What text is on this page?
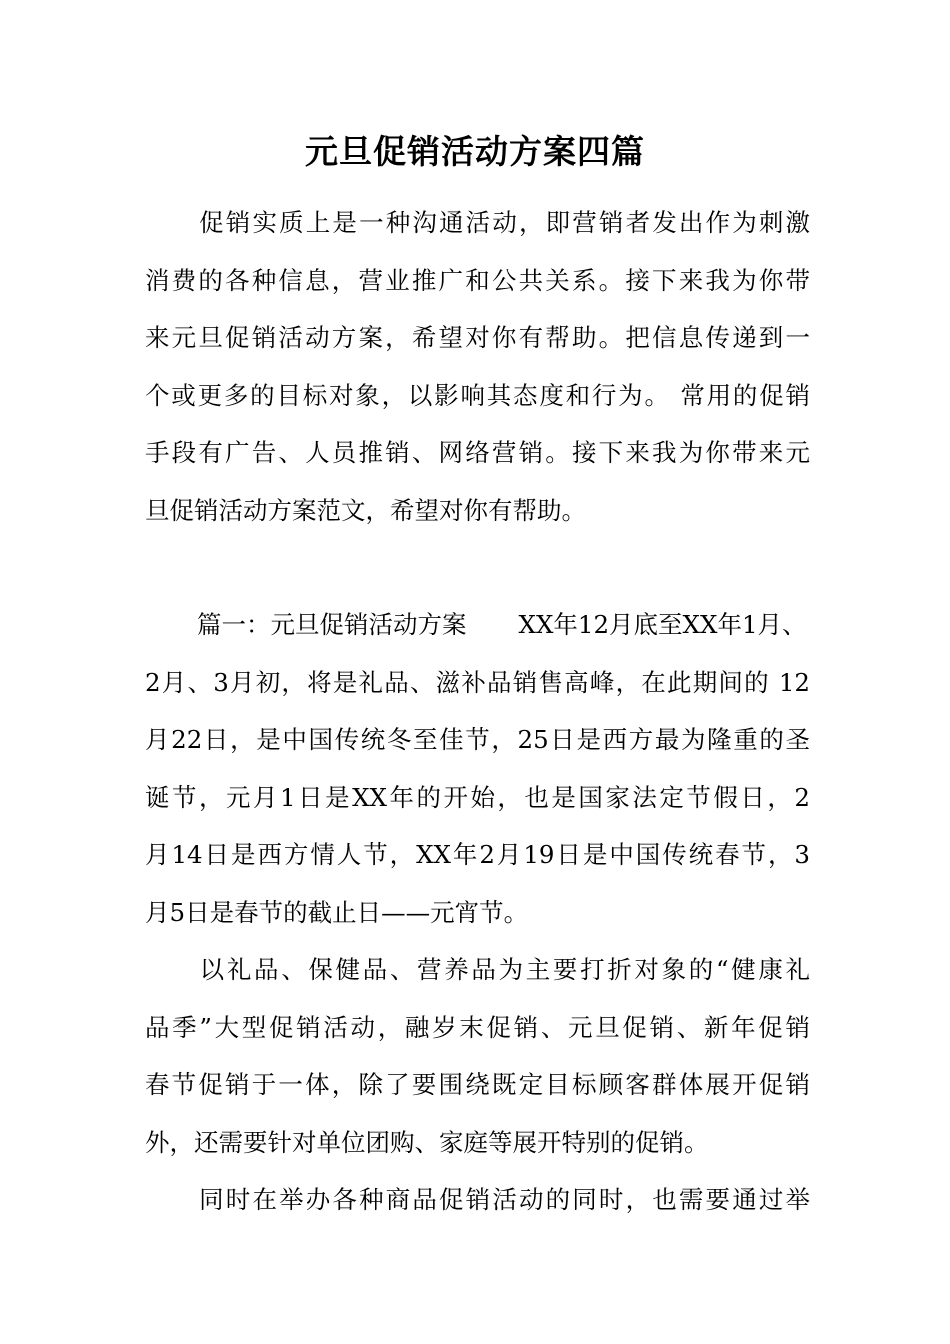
元旦促销活动方案四篇
促销实质上是一种沟通活动，即营销者发出作为刺激
消费的各种信息，营业推广和公共关系。接下来我为你带
来元旦促销活动方案，希望对你有帮助。把信息传递到一
个或更多的目标对象，以影响其态度和行为。 常用的促销
手段有广告、人员推销、网络营销。接下来我为你带来元
旦促销活动方案范文，希望对你有帮助。
篇一：元旦促销活动方案 XX年12月底至XX年1月、
2月、3月初，将是礼品、滋补品销售高峰，在此期间的 12
月22日，是中国传统冬至佳节，25日是西方最为隆重的圣
诞节，元月1日是XX年的开始，也是国家法定节假日，2
月14日是西方情人节，XX年2月19日是中国传统春节，3
月5日是春节的截止日——元宵节。
以礼品、保健品、营养品为主要打折对象的“健康礼
品季”大型促销活动，融岁末促销、元旦促销、新年促销
春节促销于一体，除了要围绕既定目标顾客群体展开促销
外，还需要针对单位团购、家庭等展开特别的促销。
同时在举办各种商品促销活动的同时，也需要通过举
